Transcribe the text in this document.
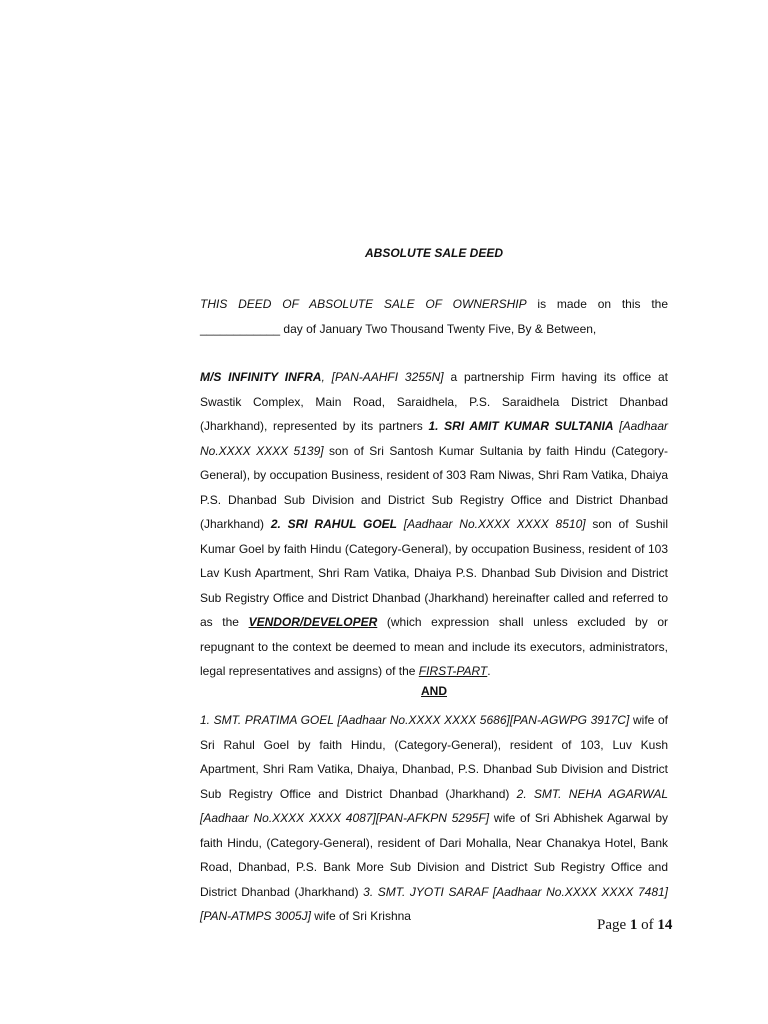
ABSOLUTE SALE DEED
THIS DEED OF ABSOLUTE SALE OF OWNERSHIP is made on this the ____________ day of January Two Thousand Twenty Five, By & Between,
M/S INFINITY INFRA, [PAN-AAHFI 3255N] a partnership Firm having its office at Swastik Complex, Main Road, Saraidhela, P.S. Saraidhela District Dhanbad (Jharkhand), represented by its partners 1. SRI AMIT KUMAR SULTANIA [Aadhaar No.XXXX XXXX 5139] son of Sri Santosh Kumar Sultania by faith Hindu (Category-General), by occupation Business, resident of 303 Ram Niwas, Shri Ram Vatika, Dhaiya P.S. Dhanbad Sub Division and District Sub Registry Office and District Dhanbad (Jharkhand) 2. SRI RAHUL GOEL [Aadhaar No.XXXX XXXX 8510] son of Sushil Kumar Goel by faith Hindu (Category-General), by occupation Business, resident of 103 Lav Kush Apartment, Shri Ram Vatika, Dhaiya P.S. Dhanbad Sub Division and District Sub Registry Office and District Dhanbad (Jharkhand) hereinafter called and referred to as the VENDOR/DEVELOPER (which expression shall unless excluded by or repugnant to the context be deemed to mean and include its executors, administrators, legal representatives and assigns) of the FIRST-PART.
AND
1. SMT. PRATIMA GOEL [Aadhaar No.XXXX XXXX 5686][PAN-AGWPG 3917C] wife of Sri Rahul Goel by faith Hindu, (Category-General), resident of 103, Luv Kush Apartment, Shri Ram Vatika, Dhaiya, Dhanbad, P.S. Dhanbad Sub Division and District Sub Registry Office and District Dhanbad (Jharkhand) 2. SMT. NEHA AGARWAL [Aadhaar No.XXXX XXXX 4087][PAN-AFKPN 5295F] wife of Sri Abhishek Agarwal by faith Hindu, (Category-General), resident of Dari Mohalla, Near Chanakya Hotel, Bank Road, Dhanbad, P.S. Bank More Sub Division and District Sub Registry Office and District Dhanbad (Jharkhand) 3. SMT. JYOTI SARAF [Aadhaar No.XXXX XXXX 7481][PAN-ATMPS 3005J] wife of Sri Krishna
Page 1 of 14
